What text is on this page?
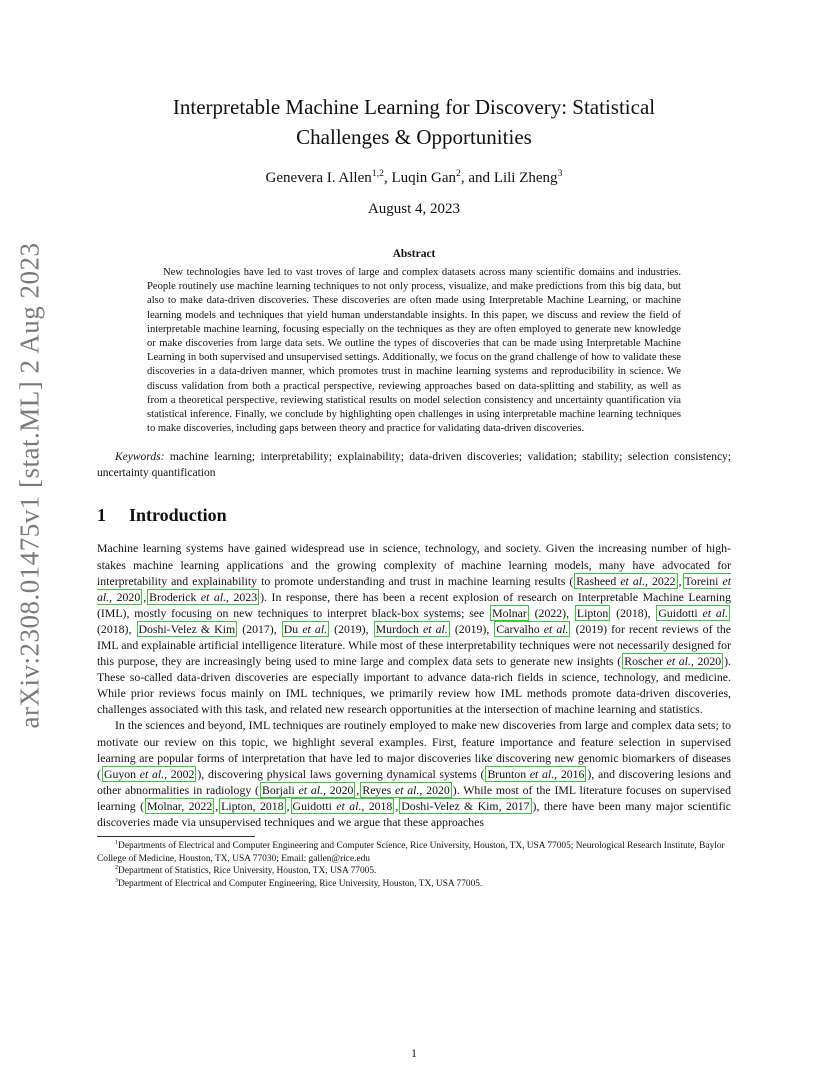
arXiv:2308.01475v1 [stat.ML] 2 Aug 2023
Interpretable Machine Learning for Discovery: Statistical
Challenges & Opportunities
Genevera I. Allen$^{1,2}$, Luqin Gan$^2$, and Lili Zheng$^3$
August 4, 2023
Abstract

New technologies have led to vast troves of large and complex datasets across many scientific domains and industries. People routinely use machine learning techniques to not only process, visualize, and make predictions from this big data, but also to make data-driven discoveries. These discoveries are often made using Interpretable Machine Learning, or machine learning models and techniques that yield human understandable insights. In this paper, we discuss and review the field of interpretable machine learning, focusing especially on the techniques as they are often employed to generate new knowledge or make discoveries from large data sets. We outline the types of discoveries that can be made using Interpretable Machine Learning in both supervised and unsupervised settings. Additionally, we focus on the grand challenge of how to validate these discoveries in a data-driven manner, which promotes trust in machine learning systems and reproducibility in science. We discuss validation from both a practical perspective, reviewing approaches based on data-splitting and stability, as well as from a theoretical perspective, reviewing statistical results on model selection consistency and uncertainty quantification via statistical inference. Finally, we conclude by highlighting open challenges in using interpretable machine learning techniques to make discoveries, including gaps between theory and practice for validating data-driven discoveries.

Keywords: machine learning; interpretability; explainability; data-driven discoveries; validation; stability; selection consistency; uncertainty quantification

1 Introduction

Machine learning systems have gained widespread use in science, technology, and society. Given the increasing number of high-stakes machine learning applications and the growing complexity of machine learning models, many have advocated for interpretability and explainability to promote understanding and trust in machine learning results ( Rasheed et al., 2022 , Toreini et al., 2020 , Broderick et al., 2023 ). In response, there has been a recent explosion of research on Interpretable Machine Learning (IML), mostly focusing on new techniques to interpret black-box systems; see Molnar (2022), Lipton (2018), Guidotti et al. (2018), Doshi-Velez & Kim (2017), Du et al. (2019), Murdoch et al. (2019), Carvalho et al. (2019) for recent reviews of the IML and explainable artificial intelligence literature. While most of these interpretability techniques were not necessarily designed for this purpose, they are increasingly being used to mine large and complex data sets to generate new insights ( Roscher et al., 2020 ). These so-called data-driven discoveries are especially important to advance data-rich fields in science, technology, and medicine. While prior reviews focus mainly on IML techniques, we primarily review how IML methods promote data-driven discoveries, challenges associated with this task, and related new research opportunities at the intersection of machine learning and statistics.

In the sciences and beyond, IML techniques are routinely employed to make new discoveries from large and complex data sets; to motivate our review on this topic, we highlight several examples. First, feature importance and feature selection in supervised learning are popular forms of interpretation that have led to major discoveries like discovering new genomic biomarkers of diseases ( Guyon et al., 2002 ), discovering physical laws governing dynamical systems ( Brunton et al., 2016 ), and discovering lesions and other abnormalities in radiology ( Borjali et al., 2020 , Reyes et al., 2020 ). While most of the IML literature focuses on supervised learning ( Molnar, 2022 , Lipton, 2018 , Guidotti et al., 2018 , Doshi-Velez & Kim, 2017 ), there have been many major scientific discoveries made via unsupervised techniques and we argue that these approaches

$^1$Departments of Electrical and Computer Engineering and Computer Science, Rice University, Houston, TX, USA 77005; Neurological Research Institute, Baylor College of Medicine, Houston, TX, USA 77030; Email: gallen@rice.edu
$^2$Department of Statistics, Rice University, Houston, TX, USA 77005.
$^3$Department of Electrical and Computer Engineering, Rice University, Houston, TX, USA 77005.
1
